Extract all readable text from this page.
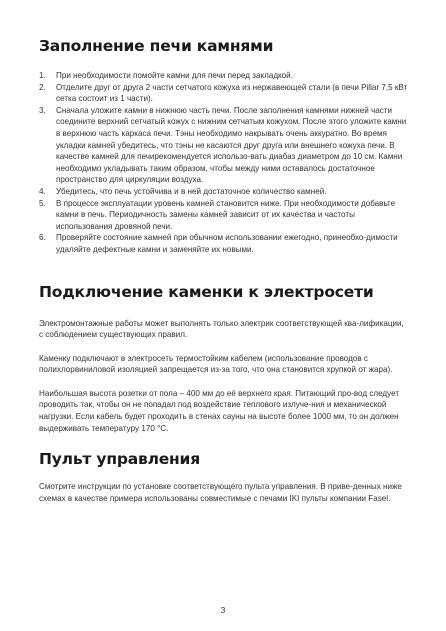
Заполнение печи камнями
1. При необходимости помойте камни для печи перед закладкой.
2. Отделите друг от друга 2 части сетчатого кожуха из нержавеющей стали (в печи Pillar 7,5 кВт сетка состоит из 1 части).
3. Сначала уложите камни в нижнюю часть печи. После заполнения камнями нижней части соедините верхний сетчатый кожух с нижним сетчатым кожухом. После этого уложите камни в верхнюю часть каркаса печи. Тэны необходимо накрывать очень аккуратно. Во время укладки камней убедитесь, что тэны не касаются друг друга или внешнего кожуха печи. В качестве камней для печирекомендуется использо-вать диабаз диаметром до 10 см. Камни необходимо укладывать таким образом, чтобы между ними оставалось достаточное пространство для циркуляции воздуха.
4. Убедитесь, что печь устойчива и в ней достаточное количество камней.
5. В процессе эксплуатации уровень камней становится ниже. При необходимости добавьте камни в печь. Периодичность замены камней зависит от их качества и частоты использования дровяной печи.
6. Проверяйте состояние камней при обычном использовании ежегодно, принеобхо-димости удаляйте дефектные камни и заменяйте их новыми.
Подключение каменки к электросети

Электромонтажные работы может выполнять только электрик соответствующей ква-лификации, с соблюдением существующих правил.

Каменку подключают в электросеть термостойким кабелем (использование проводов с полихлорвиниловой изоляцией запрещается из-за того, что она становится хрупкой от жара).

Наибольшая высота розетки от пола – 400 мм до её верхнего края. Питающий про-вод следует проводить так, чтобы он не попадал под воздействие теплового излуче-ния и механической нагрузки. Если кабель будет проходить в стенах сауны на высоте более 1000 мм, то он должен выдерживать температуру 170 °С.

Пульт управления

Смотрите инструкции по установке соответствующего пульта управления. В приве-денных ниже схемах в качестве примера использованы совместимые с печами IKI пульты компании Fasel.

3
